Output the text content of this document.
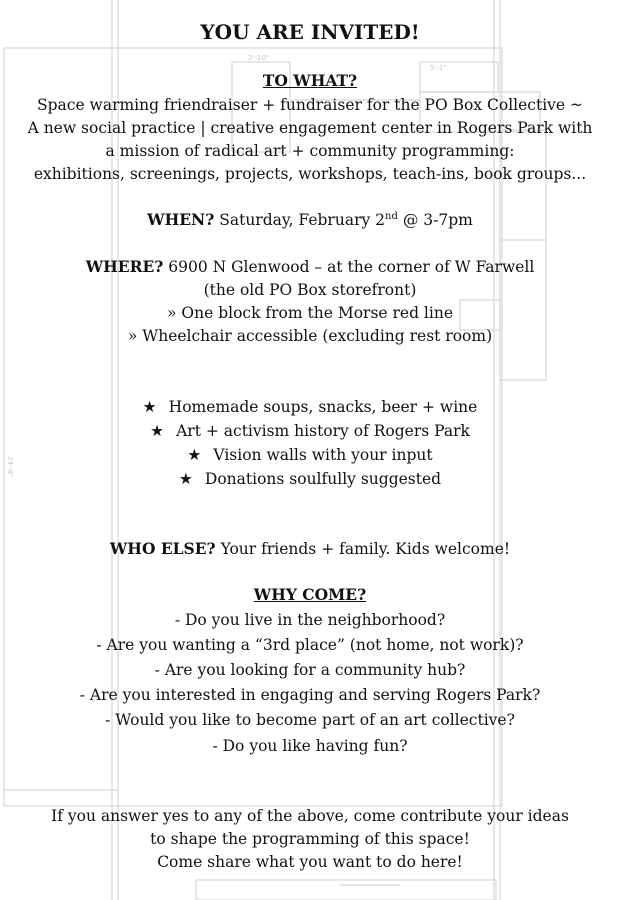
2'-10"
5'-1"
34'-8"
YOU ARE INVITED!
TO WHAT?
Space warming friendraiser + fundraiser for the PO Box Collective ~
A new social practice | creative engagement center in Rogers Park with
a mission of radical art + community programming:
exhibitions, screenings, projects, workshops, teach-ins, book groups...
WHEN? Saturday, February 2nd @ 3-7pm
WHERE? 6900 N Glenwood – at the corner of W Farwell
(the old PO Box storefront)
» One block from the Morse red line
» Wheelchair accessible (excluding rest room)
★ Homemade soups, snacks, beer + wine
★ Art + activism history of Rogers Park
★ Vision walls with your input
★ Donations soulfully suggested
WHO ELSE? Your friends + family. Kids welcome!
WHY COME?
- Do you live in the neighborhood?
- Are you wanting a “3rd place” (not home, not work)?
- Are you looking for a community hub?
- Are you interested in engaging and serving Rogers Park?
- Would you like to become part of an art collective?
- Do you like having fun?
If you answer yes to any of the above, come contribute your ideas
to shape the programming of this space!
Come share what you want to do here!
